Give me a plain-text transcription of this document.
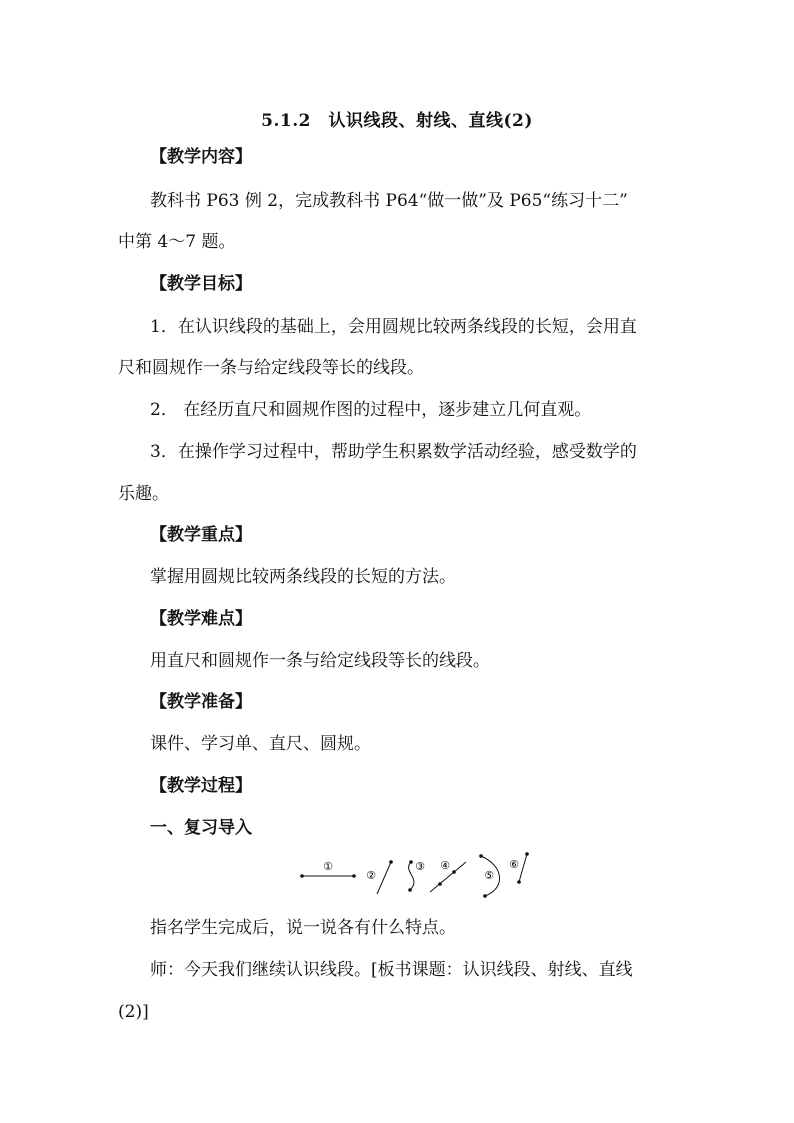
5.1.2　认识线段、射线、直线(2)
【教学内容】
教科书 P63 例 2，完成教科书 P64“做一做”及 P65“练习十二”
中第 4～7 题。
【教学目标】
1．在认识线段的基础上，会用圆规比较两条线段的长短，会用直
尺和圆规作一条与给定线段等长的线段。
2． 在经历直尺和圆规作图的过程中，逐步建立几何直观。
3．在操作学习过程中，帮助学生积累数学活动经验，感受数学的
乐趣。
【教学重点】
掌握用圆规比较两条线段的长短的方法。
【教学难点】
用直尺和圆规作一条与给定线段等长的线段。
【教学准备】
课件、学习单、直尺、圆规。
【教学过程】
一、复习导入
①
②
③ ④
⑤
⑥
指名学生完成后，说一说各有什么特点。
师：今天我们继续认识线段。[板书课题：认识线段、射线、直线
(2)]
